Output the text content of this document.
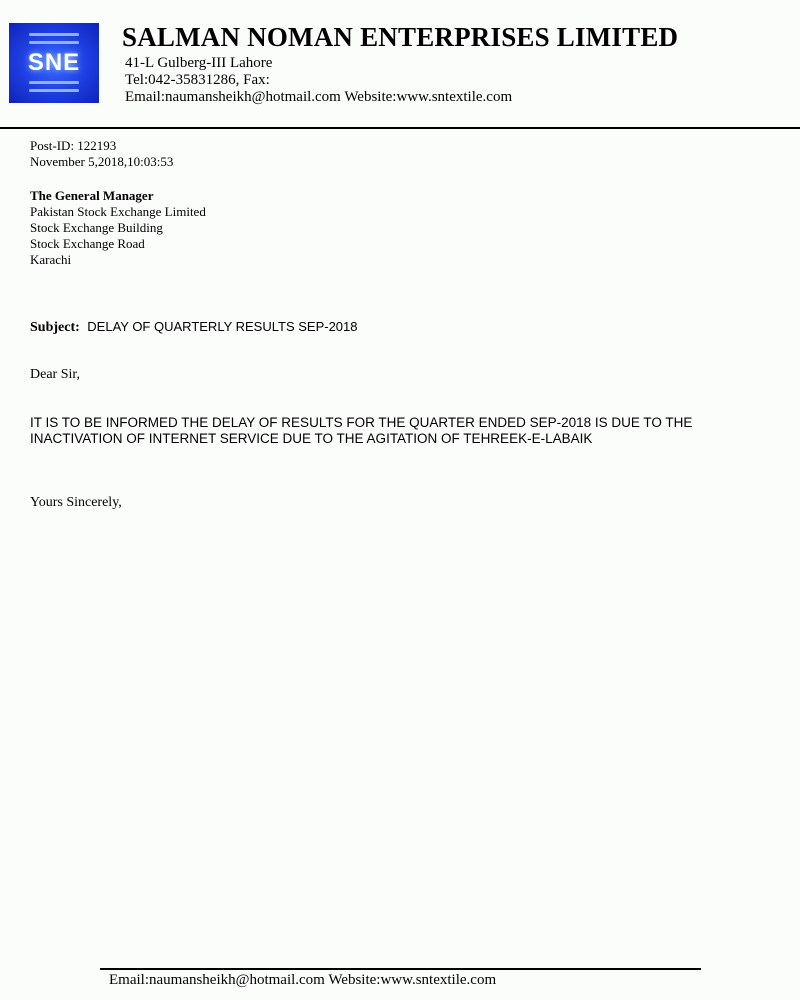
SNE
SALMAN NOMAN ENTERPRISES LIMITED
41-L Gulberg-III Lahore
Tel:042-35831286, Fax:
Email:naumansheikh@hotmail.com Website:www.sntextile.com
Post-ID: 122193
November 5,2018,10:03:53
The General Manager
Pakistan Stock Exchange Limited
Stock Exchange Building
Stock Exchange Road
Karachi
Subject: DELAY OF QUARTERLY RESULTS SEP-2018
Dear Sir,
IT IS TO BE INFORMED THE DELAY OF RESULTS FOR THE QUARTER ENDED SEP-2018 IS DUE TO THE INACTIVATION OF INTERNET SERVICE DUE TO THE AGITATION OF TEHREEK-E-LABAIK
Yours Sincerely,
Email:naumansheikh@hotmail.com Website:www.sntextile.com
